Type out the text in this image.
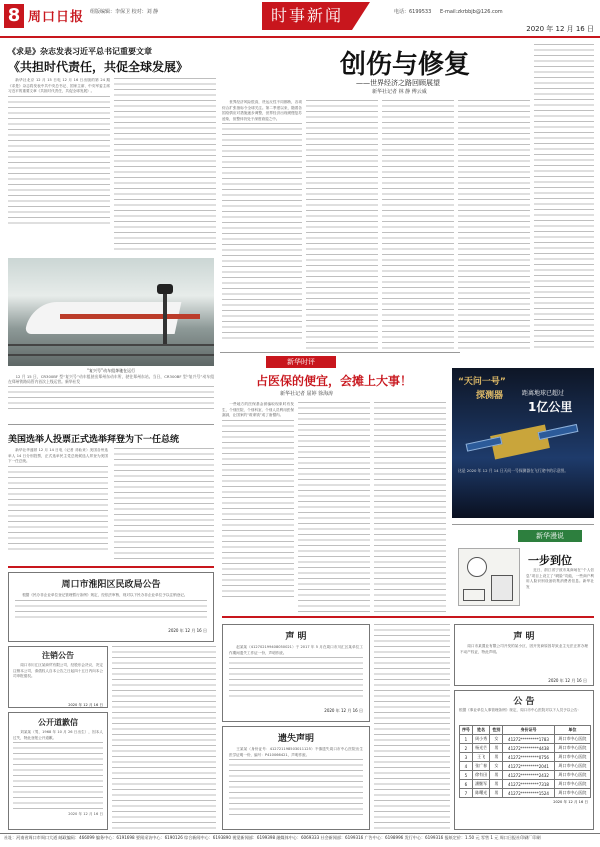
8 周口日报 组版编辑：李保卫 校对：刘 静	时事新闻	电话：6199533 E-mail:zkrbbjb@126.com
2020 年 12 月 16 日
《求是》杂志发表习近平总书记重要文章
《共担时代责任，共促全球发展》

新华社北京 12 月 15 日电 12 月 16 日出版的第 24 期《求是》杂志将发表中共中央总书记、国家主席、中央军委主席习近平的重要文章《共担时代责任，共促全球发展》。

“复兴号”动车组奔驰在运行

12 月 15 日，CR300BF 型“复兴号”动车组驶出郑州东动车所，驶往郑州东站。当日，CR300BF 型“复兴号”动车组在郑州铁路局管内首次上线运营。新华社发

美国选举人投票正式选举拜登为下一任总统

新华社华盛顿 12 月 14 日电（记者 邓仙来）美国各州选举人 14 日分别投票，正式选举民主党总统候选人拜登为美国下一任总统。

创伤与修复
——世界经济之路回顾展望
新华社记者 林 静 傅云威

世界经济风险很高，货运反性不同都断，各项综合扩张指标令全球关注。第二季度以来，随着各国疫情应对措施逐步调整，世界经济出现缓慢复苏迹象，但整体仍处于深度衰退之中。

新华时评
占医保的便宜，会摊上大事！
新华社记者 屈婷 徐海涛

一些地方的医保基金被骗取现象时有发生，个别医院、个别科室、个别人员利用医保漏洞，让国家的“救命钱”成了唐僧肉。

“天问一号”
探测器	距离地球已超过
1亿公里
这是 2020 年 12 月 14 日天问一号探测器在飞行途中的示意图。
新华漫说
一步到位

近日，浙江省宁波市某商场在“个人信息”项目上设立了“刷脸”功能，一些商户利用人脸识别设备收集消费者信息。新华社发

周口市淮阳区民政局公告

根据《民办非企业单位登记管理暂行条例》规定，经依法审核，现对以下民办非企业单位予以注销登记。

2020 年 12 月 16 日
注销公告

周口市川汇区某商贸有限公司，经股东会决议，决定注销本公司，请债权人自本公告之日起四十五日内向本公司申报债权。

2020 年 12 月 16 日
公开道歉信

刘某某（男，1968 年 10 月 26 日出生），因本人过失，特此登报公开道歉。

2020 年 12 月 16 日
声 明

赵某某（412702199408050021）于 2017 年 5 月在周口市川汇区某单位工作期间遗失工作证一份，声明作废。

2020 年 12 月 16 日
遗失声明

王某某（身份证号：412721198503011125）不慎遗失周口市中心医院出生医学证明一份，编号：P410066421，声明作废。

声 明

周口市某置业有限公司开发的某小区，因开发商原因导致业主无法正常办理不动产权证，特此声明。

2020 年 12 月 16 日
公 告
根据《事业单位人事管理条例》规定，周口市中心医院对以下人员予以公告：
序号	姓名	性别	身份证号	单位
1	周小秀	女	41272*********1783	周口市中心医院
2	杨光芒	男	41272*********4438	周口市中心医院
3	王飞	男	41272*********0756	周口市中心医院
4	张广春	女	41272*********2041	周口市中心医院
5	徐有田	男	41272*********2432	周口市中心医院
6	潘继军	男	41272*********7318	周口市中心医院
7	陈曙光	男	41272*********1524	周口市中心医院
2020 年 12 月 16 日
社址：河南省周口市周口大道 邮政编码：466099 编务中心：6191698 要闻采访中心：6190126 综合新闻中心：6193890 视觉新闻部：6199398 融媒体中心：6069333 社会新闻部：6199316 广告中心：6198996 发行中心：6199316 报纸定价：1.50 元 零售 1 元 周口日报社印刷厂印刷
